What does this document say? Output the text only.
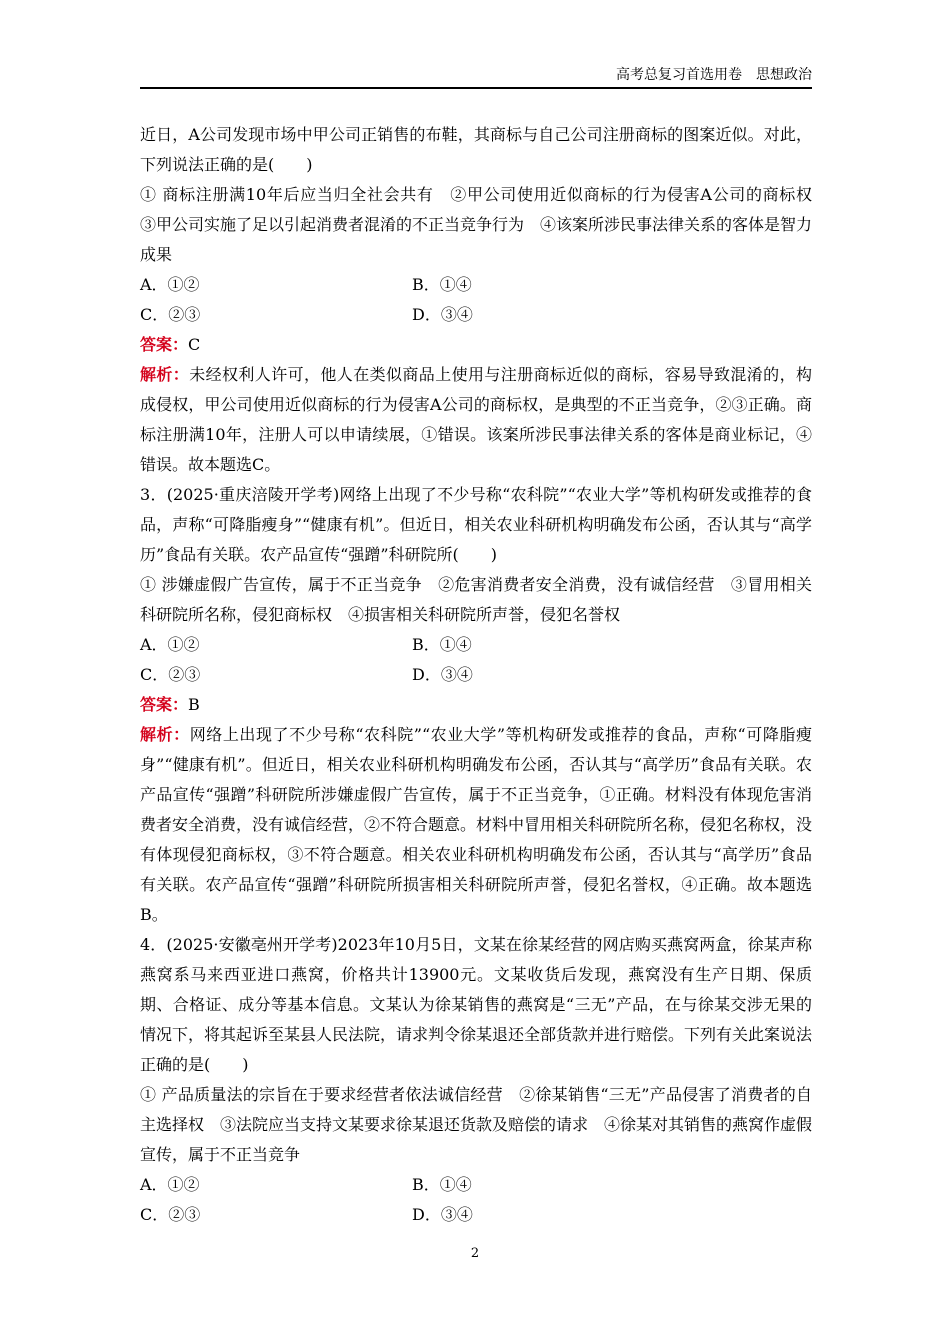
高考总复习首选用卷　思想政治

近日，A公司发现市场中甲公司正销售的布鞋，其商标与自己公司注册商标的图案近似。对此，下列说法正确的是(　　)

① 商标注册满10年后应当归全社会共有　②甲公司使用近似商标的行为侵害A公司的商标权　③甲公司实施了足以引起消费者混淆的不正当竞争行为　④该案所涉民事法律关系的客体是智力成果

A．①②	B．①④
C．②③	D．③④

答案：C

解析：未经权利人许可，他人在类似商品上使用与注册商标近似的商标，容易导致混淆的，构成侵权，甲公司使用近似商标的行为侵害A公司的商标权，是典型的不正当竞争，②③正确。商标注册满10年，注册人可以申请续展，①错误。该案所涉民事法律关系的客体是商业标记，④错误。故本题选C。

3．(2025·重庆涪陵开学考)网络上出现了不少号称“农科院”“农业大学”等机构研发或推荐的食品，声称“可降脂瘦身”“健康有机”。但近日，相关农业科研机构明确发布公函，否认其与“高学历”食品有关联。农产品宣传“强蹭”科研院所(　　)

① 涉嫌虚假广告宣传，属于不正当竞争　②危害消费者安全消费，没有诚信经营　③冒用相关科研院所名称，侵犯商标权　④损害相关科研院所声誉，侵犯名誉权

A．①②	B．①④
C．②③	D．③④

答案：B

解析：网络上出现了不少号称“农科院”“农业大学”等机构研发或推荐的食品，声称“可降脂瘦身”“健康有机”。但近日，相关农业科研机构明确发布公函，否认其与“高学历”食品有关联。农产品宣传“强蹭”科研院所涉嫌虚假广告宣传，属于不正当竞争，①正确。材料没有体现危害消费者安全消费，没有诚信经营，②不符合题意。材料中冒用相关科研院所名称，侵犯名称权，没有体现侵犯商标权，③不符合题意。相关农业科研机构明确发布公函，否认其与“高学历”食品有关联。农产品宣传“强蹭”科研院所损害相关科研院所声誉，侵犯名誉权，④正确。故本题选B。

4．(2025·安徽亳州开学考)2023年10月5日，文某在徐某经营的网店购买燕窝两盒，徐某声称燕窝系马来西亚进口燕窝，价格共计13900元。文某收货后发现，燕窝没有生产日期、保质期、合格证、成分等基本信息。文某认为徐某销售的燕窝是“三无”产品，在与徐某交涉无果的情况下，将其起诉至某县人民法院，请求判令徐某退还全部货款并进行赔偿。下列有关此案说法正确的是(　　)

① 产品质量法的宗旨在于要求经营者依法诚信经营　②徐某销售“三无”产品侵害了消费者的自主选择权　③法院应当支持文某要求徐某退还货款及赔偿的请求　④徐某对其销售的燕窝作虚假宣传，属于不正当竞争

A．①②	B．①④
C．②③	D．③④
2
